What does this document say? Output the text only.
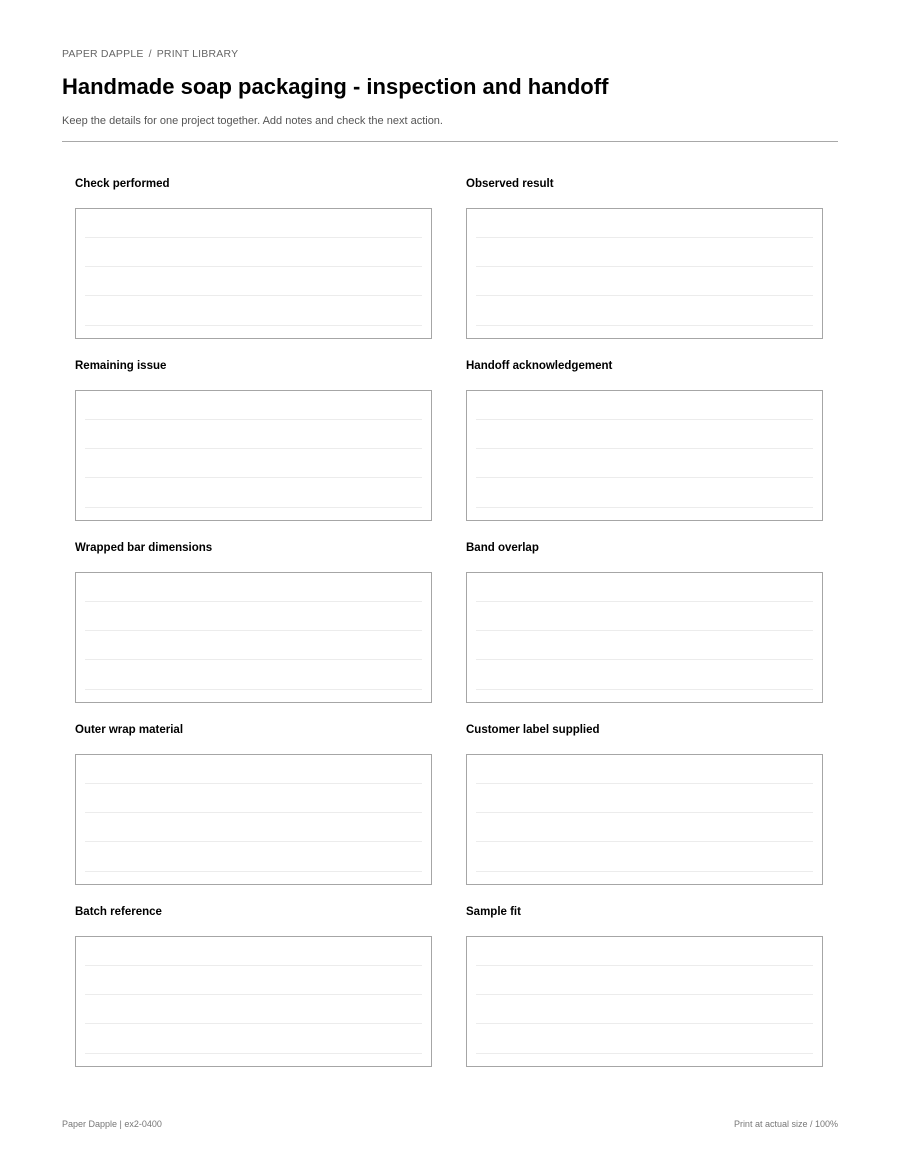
PAPER DAPPLE / PRINT LIBRARY
Handmade soap packaging - inspection and handoff

Keep the details for one project together. Add notes and check the next action.

Check performed	Observed result
Remaining issue	Handoff acknowledgement
Wrapped bar dimensions	Band overlap
Outer wrap material	Customer label supplied
Batch reference	Sample fit
Paper Dapple | ex2-0400	Print at actual size / 100%
